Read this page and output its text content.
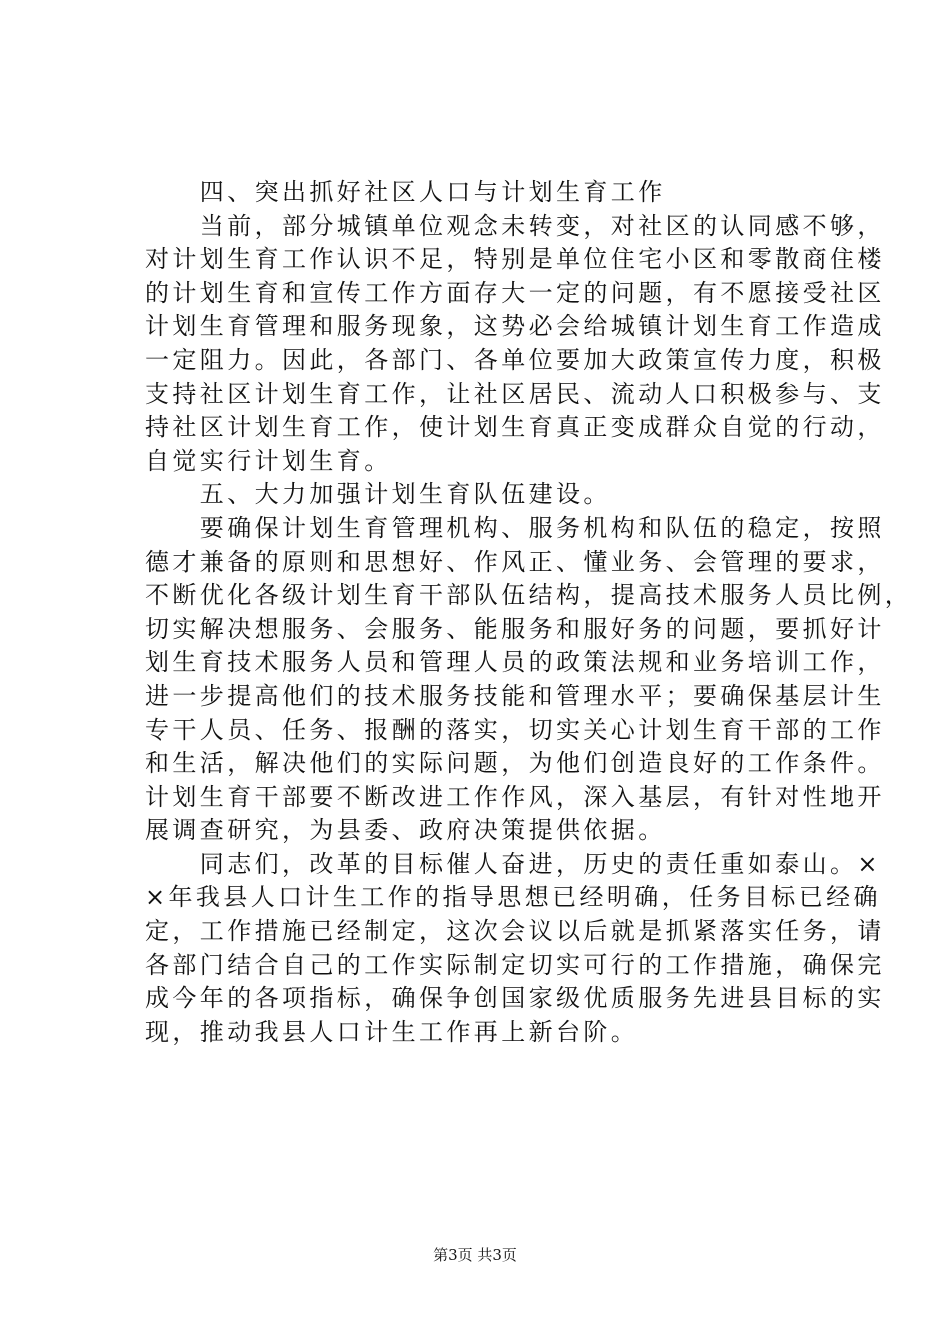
　　四、突出抓好社区人口与计划生育工作
　　当前，部分城镇单位观念未转变，对社区的认同感不够，
对计划生育工作认识不足，特别是单位住宅小区和零散商住楼
的计划生育和宣传工作方面存大一定的问题，有不愿接受社区
计划生育管理和服务现象，这势必会给城镇计划生育工作造成
一定阻力。因此，各部门、各单位要加大政策宣传力度，积极
支持社区计划生育工作，让社区居民、流动人口积极参与、支
持社区计划生育工作，使计划生育真正变成群众自觉的行动，
自觉实行计划生育。
　　五、大力加强计划生育队伍建设。
　　要确保计划生育管理机构、服务机构和队伍的稳定，按照
德才兼备的原则和思想好、作风正、懂业务、会管理的要求，
不断优化各级计划生育干部队伍结构，提高技术服务人员比例，
切实解决想服务、会服务、能服务和服好务的问题，要抓好计
划生育技术服务人员和管理人员的政策法规和业务培训工作，
进一步提高他们的技术服务技能和管理水平；要确保基层计生
专干人员、任务、报酬的落实，切实关心计划生育干部的工作
和生活，解决他们的实际问题，为他们创造良好的工作条件。
计划生育干部要不断改进工作作风，深入基层，有针对性地开
展调查研究，为县委、政府决策提供依据。
　　同志们，改革的目标催人奋进，历史的责任重如泰山。×
×年我县人口计生工作的指导思想已经明确，任务目标已经确
定，工作措施已经制定，这次会议以后就是抓紧落实任务，请
各部门结合自己的工作实际制定切实可行的工作措施，确保完
成今年的各项指标，确保争创国家级优质服务先进县目标的实
现，推动我县人口计生工作再上新台阶。
第3页 共3页
